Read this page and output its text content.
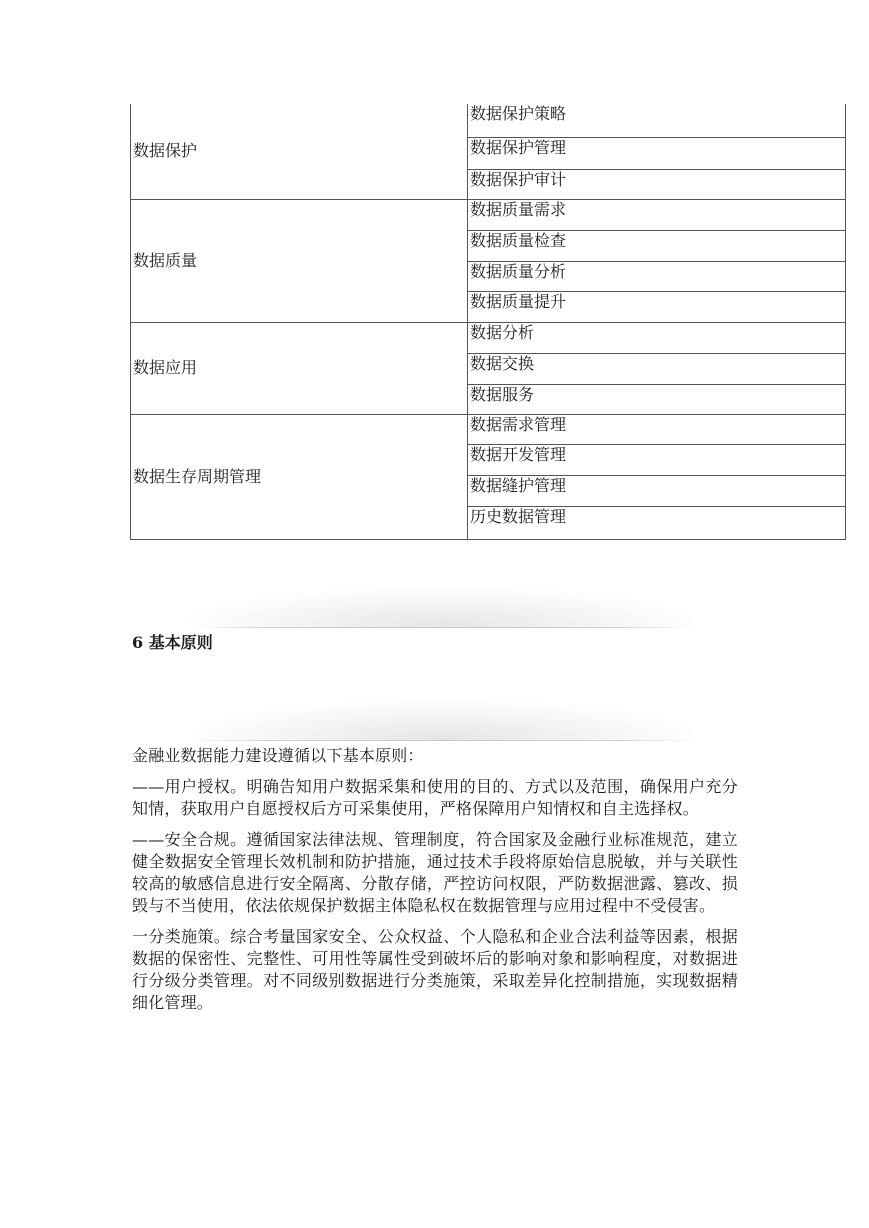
数据保护	数据保护策略
	数据保护管理
	数据保护审计
数据质量	数据质量需求
	数据质量检查
	数据质量分析
	数据质量提升
数据应用	数据分析
	数据交换
	数据服务
数据生存周期管理	数据需求管理
	数据开发管理
	数据缝护管理
	历史数据管理
6 基本原则

金融业数据能力建设遵循以下基本原则：

——用户授权。明确告知用户数据采集和使用的目的、方式以及范围，确保用户充分知情，获取用户自愿授权后方可采集使用，严格保障用户知情权和自主选择权。

——安全合规。遵循国家法律法规、管理制度，符合国家及金融行业标准规范，建立健全数据安全管理长效机制和防护措施，通过技术手段将原始信息脱敏，并与关联性较高的敏感信息进行安全隔离、分散存储，严控访问权限，严防数据泄露、篡改、损毁与不当使用，依法依规保护数据主体隐私权在数据管理与应用过程中不受侵害。

一分类施策。综合考量国家安全、公众权益、个人隐私和企业合法利益等因素，根据数据的保密性、完整性、可用性等属性受到破坏后的影响对象和影响程度，对数据进行分级分类管理。对不同级别数据进行分类施策，采取差异化控制措施，实现数据精细化管理。
